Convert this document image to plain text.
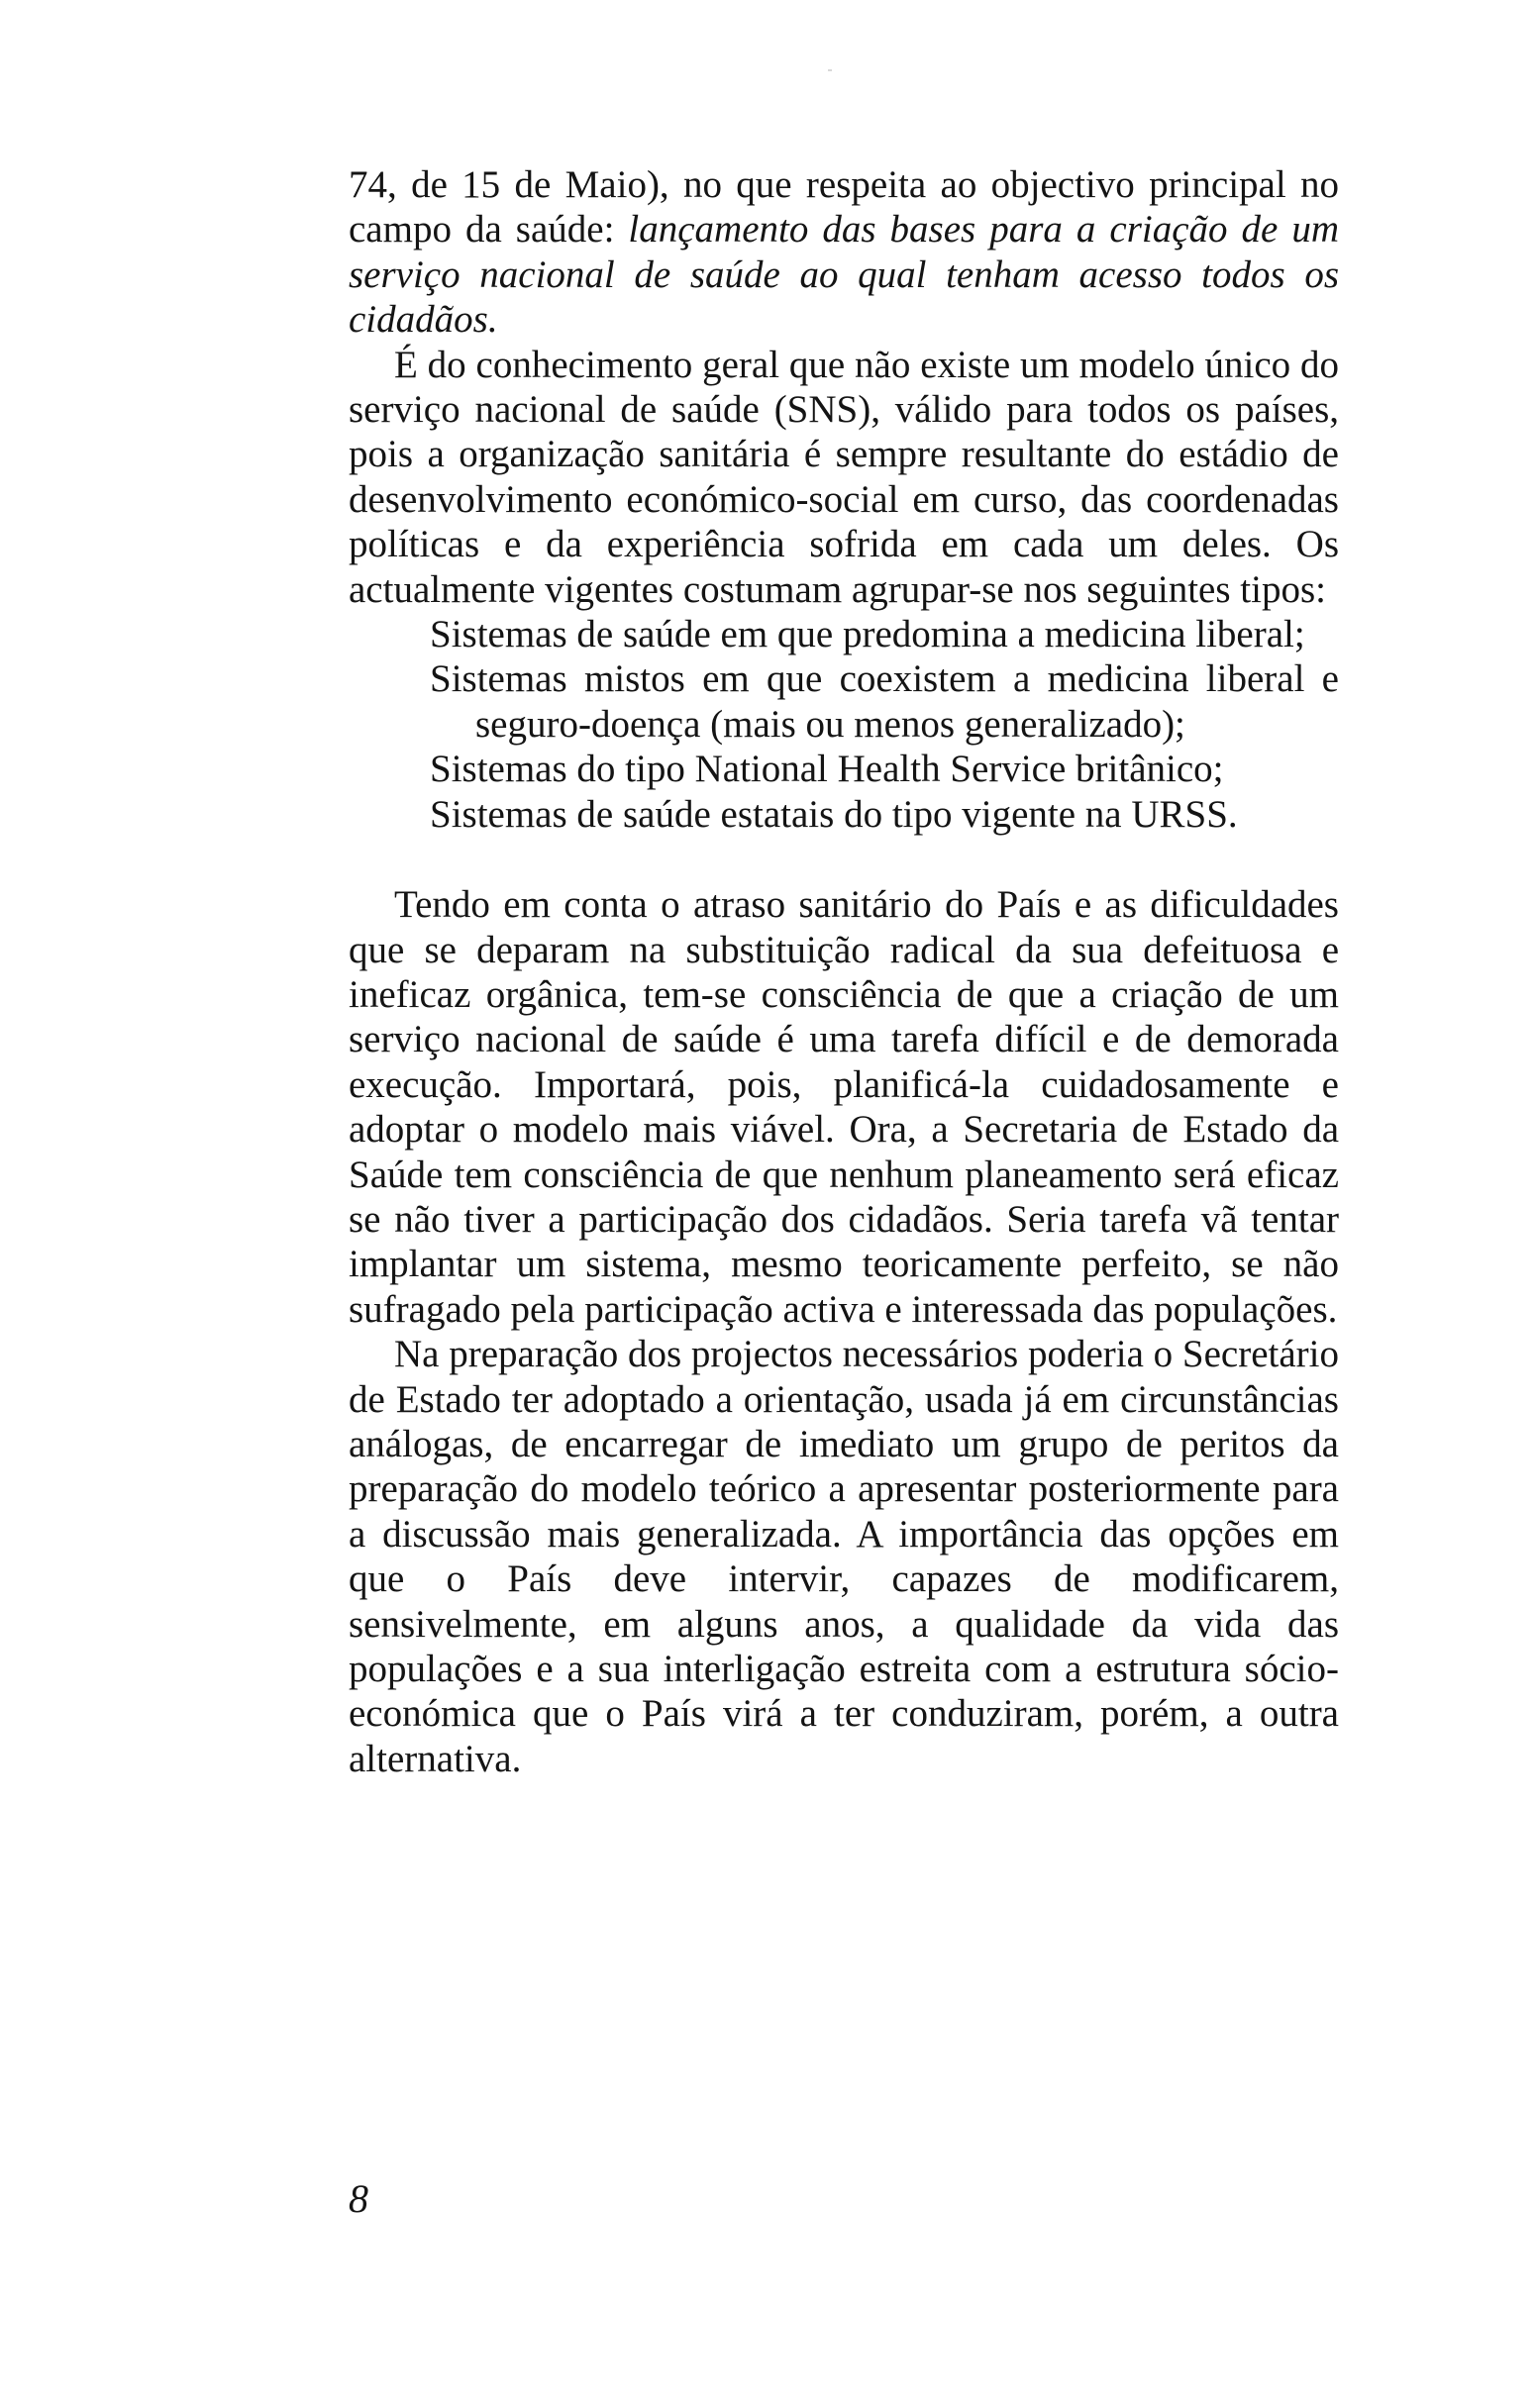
74, de 15 de Maio), no que respeita ao objectivo principal no campo da saúde: lançamento das bases para a criação de um serviço nacional de saúde ao qual tenham acesso todos os cidadãos.

É do conhecimento geral que não existe um modelo único do serviço nacional de saúde (SNS), válido para todos os países, pois a organização sanitária é sempre resultante do estádio de desenvolvimento económico-social em curso, das coordenadas políticas e da experiência sofrida em cada um deles. Os actualmente vigentes costumam agrupar-se nos seguintes tipos:

Sistemas de saúde em que predomina a medicina liberal;
Sistemas mistos em que coexistem a medicina liberal e seguro-doença (mais ou menos generalizado);
Sistemas do tipo National Health Service britânico;
Sistemas de saúde estatais do tipo vigente na URSS.

Tendo em conta o atraso sanitário do País e as dificuldades que se deparam na substituição radical da sua defeituosa e ineficaz orgânica, tem-se consciência de que a criação de um serviço nacional de saúde é uma tarefa difícil e de demorada execução. Importará, pois, planificá-la cuidadosamente e adoptar o modelo mais viável. Ora, a Secretaria de Estado da Saúde tem consciência de que nenhum planeamento será eficaz se não tiver a participação dos cidadãos. Seria tarefa vã tentar implantar um sistema, mesmo teoricamente perfeito, se não sufragado pela participação activa e interessada das populações.

Na preparação dos projectos necessários poderia o Secretário de Estado ter adoptado a orientação, usada já em circunstâncias análogas, de encarregar de imediato um grupo de peritos da preparação do modelo teórico a apresentar posteriormente para a discussão mais generalizada. A importância das opções em que o País deve intervir, capazes de modificarem, sensivelmente, em alguns anos, a qualidade da vida das populações e a sua interligação estreita com a estrutura sócio-económica que o País virá a ter conduziram, porém, a outra alternativa.

8
